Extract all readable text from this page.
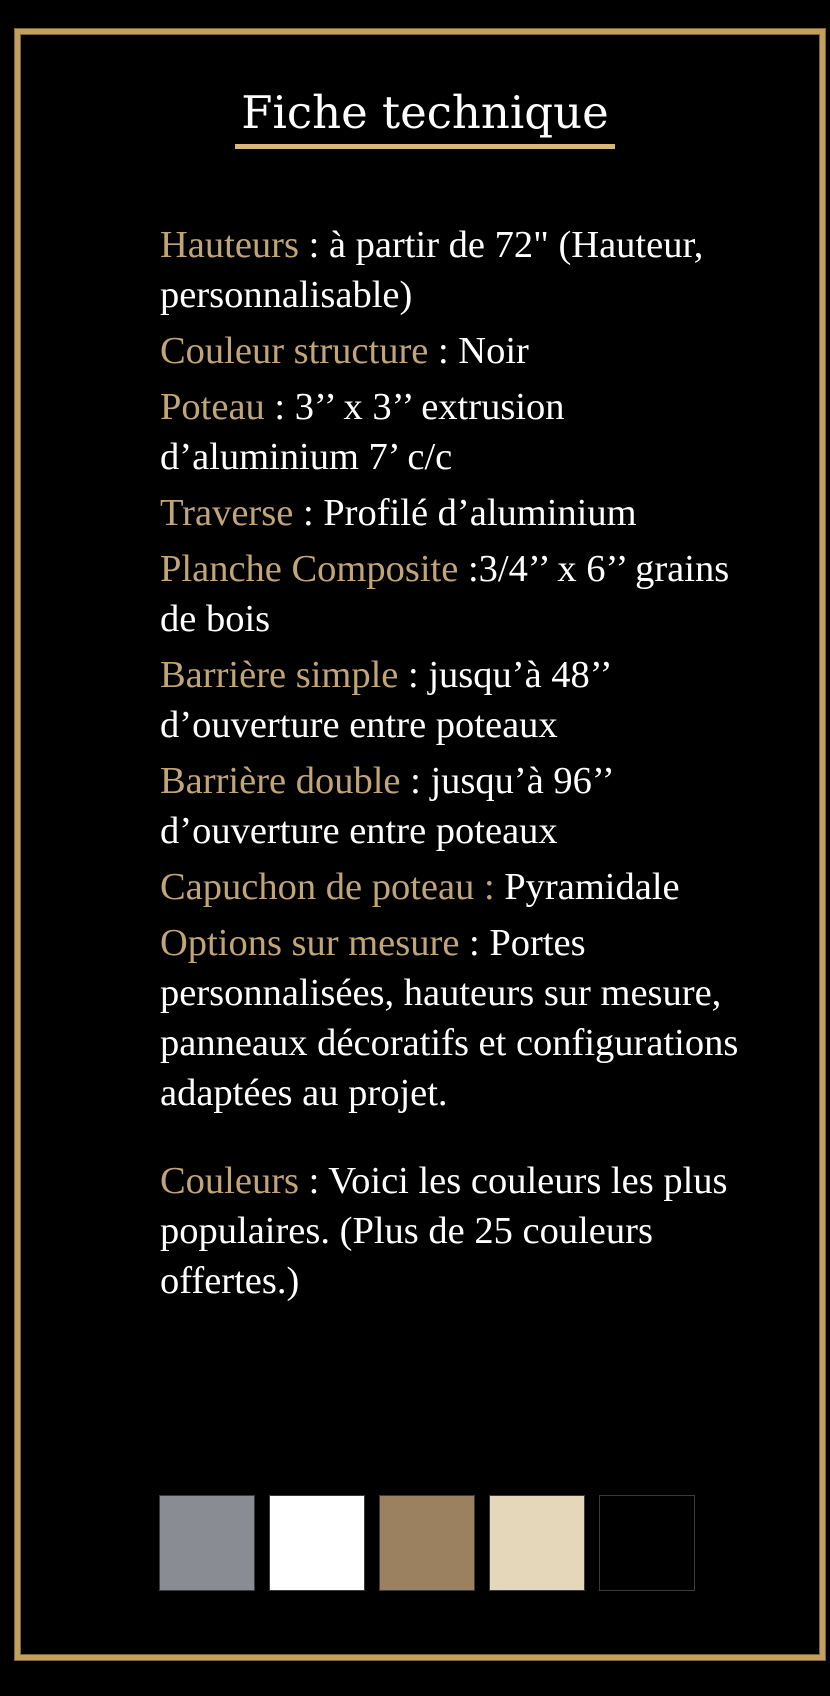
Fiche technique

Hauteurs : à partir de 72" (Hauteur, personnalisable)

Couleur structure : Noir

Poteau : 3’’ x 3’’ extrusion d’aluminium 7’ c/c

Traverse : Profilé d’aluminium

Planche Composite :3/4’’ x 6’’ grains de bois

Barrière simple : jusqu’à 48’’ d’ouverture entre poteaux

Barrière double : jusqu’à 96’’ d’ouverture entre poteaux

Capuchon de poteau : Pyramidale

Options sur mesure : Portes personnalisées, hauteurs sur mesure, panneaux décoratifs et configurations adaptées au projet.

Couleurs : Voici les couleurs les plus populaires. (Plus de 25 couleurs offertes.)
